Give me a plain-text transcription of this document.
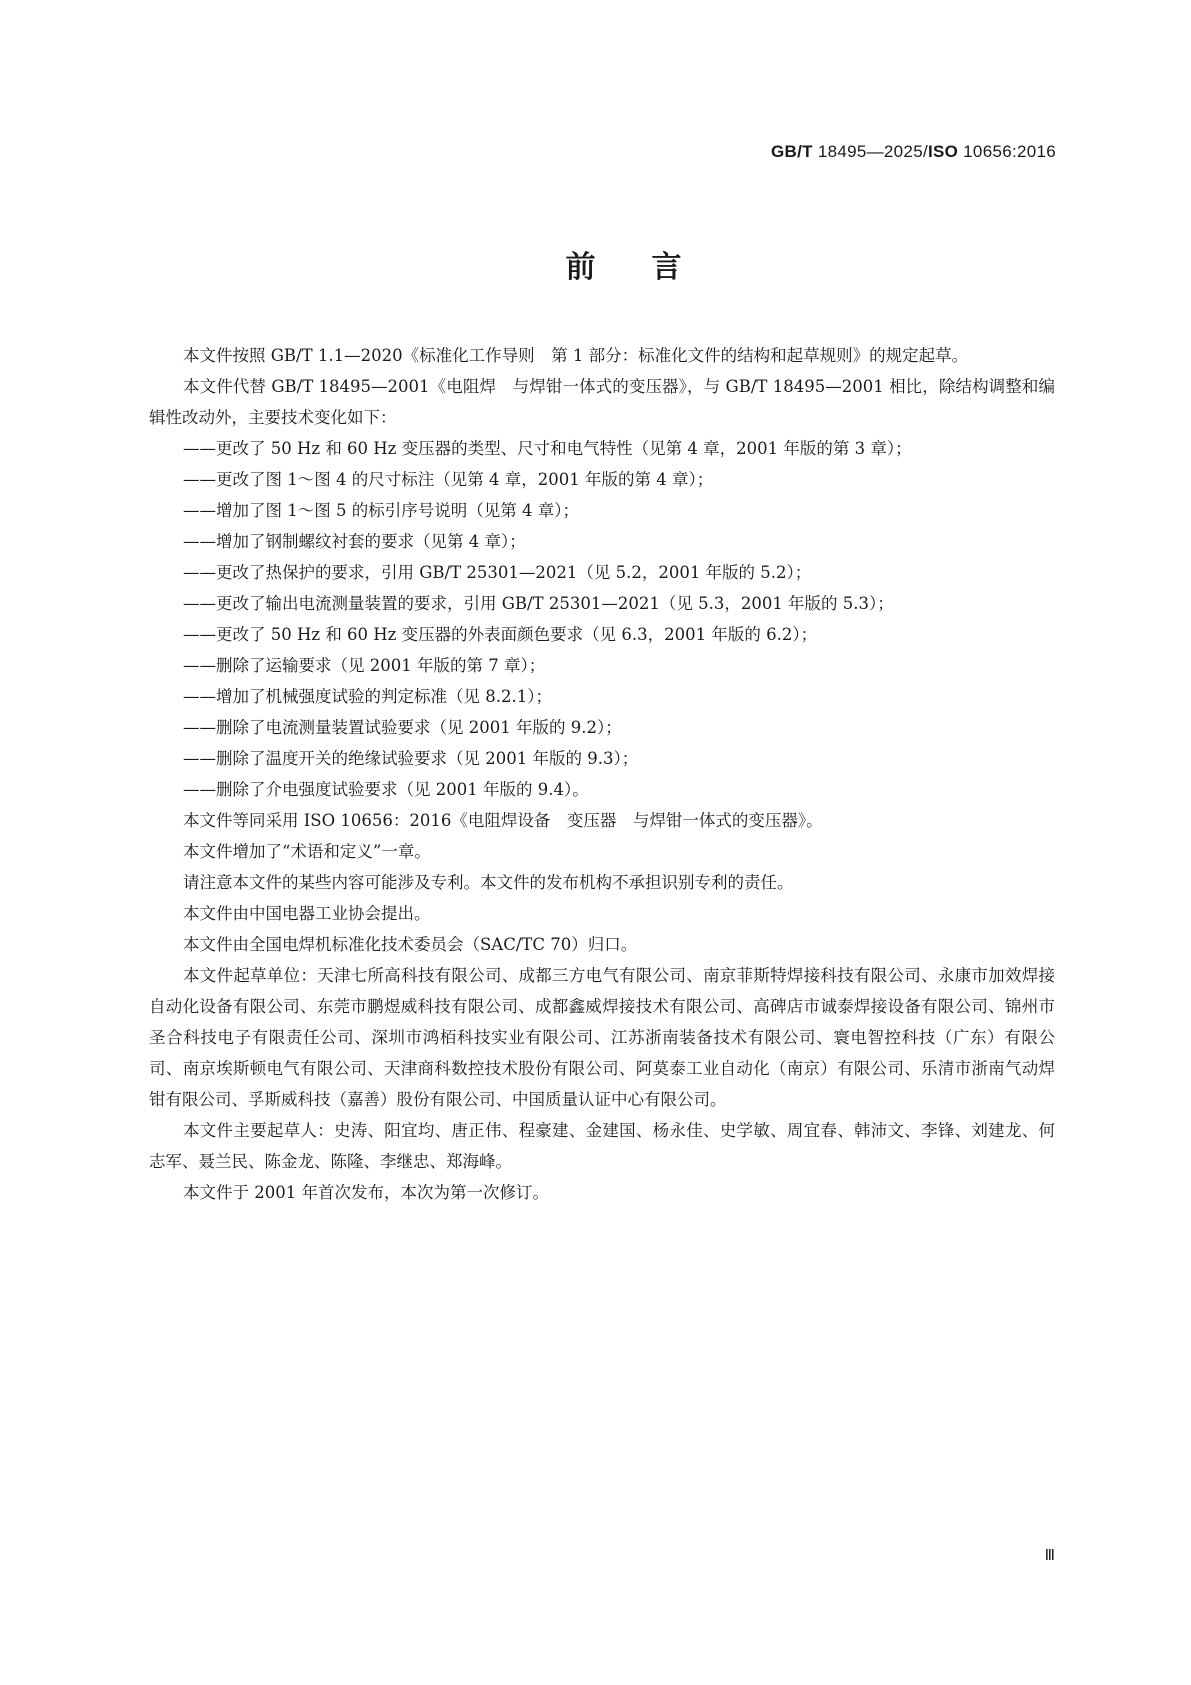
GB/T 18495—2025/ISO 10656:2016
前言

本文件按照 GB/T 1.1—2020《标准化工作导则　第 1 部分：标准化文件的结构和起草规则》的规定起草。

本文件代替 GB/T 18495—2001《电阻焊　与焊钳一体式的变压器》，与 GB/T 18495—2001 相比，除结构调整和编辑性改动外，主要技术变化如下：

——更改了 50 Hz 和 60 Hz 变压器的类型、尺寸和电气特性（见第 4 章，2001 年版的第 3 章）；

——更改了图 1～图 4 的尺寸标注（见第 4 章，2001 年版的第 4 章）；

——增加了图 1～图 5 的标引序号说明（见第 4 章）；

——增加了钢制螺纹衬套的要求（见第 4 章）；

——更改了热保护的要求，引用 GB/T 25301—2021（见 5.2，2001 年版的 5.2）；

——更改了输出电流测量装置的要求，引用 GB/T 25301—2021（见 5.3，2001 年版的 5.3）；

——更改了 50 Hz 和 60 Hz 变压器的外表面颜色要求（见 6.3，2001 年版的 6.2）；

——删除了运输要求（见 2001 年版的第 7 章）；

——增加了机械强度试验的判定标准（见 8.2.1）；

——删除了电流测量装置试验要求（见 2001 年版的 9.2）；

——删除了温度开关的绝缘试验要求（见 2001 年版的 9.3）；

——删除了介电强度试验要求（见 2001 年版的 9.4）。

本文件等同采用 ISO 10656：2016《电阻焊设备　变压器　与焊钳一体式的变压器》。

本文件增加了“术语和定义”一章。

请注意本文件的某些内容可能涉及专利。本文件的发布机构不承担识别专利的责任。

本文件由中国电器工业协会提出。

本文件由全国电焊机标准化技术委员会（SAC/TC 70）归口。

本文件起草单位：天津七所高科技有限公司、成都三方电气有限公司、南京菲斯特焊接科技有限公司、永康市加效焊接自动化设备有限公司、东莞市鹏煜威科技有限公司、成都鑫威焊接技术有限公司、高碑店市诚泰焊接设备有限公司、锦州市圣合科技电子有限责任公司、深圳市鸿栢科技实业有限公司、江苏浙南装备技术有限公司、寰电智控科技（广东）有限公司、南京埃斯顿电气有限公司、天津商科数控技术股份有限公司、阿莫泰工业自动化（南京）有限公司、乐清市浙南气动焊钳有限公司、孚斯威科技（嘉善）股份有限公司、中国质量认证中心有限公司。

本文件主要起草人：史涛、阳宜均、唐正伟、程豪建、金建国、杨永佳、史学敏、周宜春、韩沛文、李锋、刘建龙、何志军、聂兰民、陈金龙、陈隆、李继忠、郑海峰。

本文件于 2001 年首次发布，本次为第一次修订。

Ⅲ
